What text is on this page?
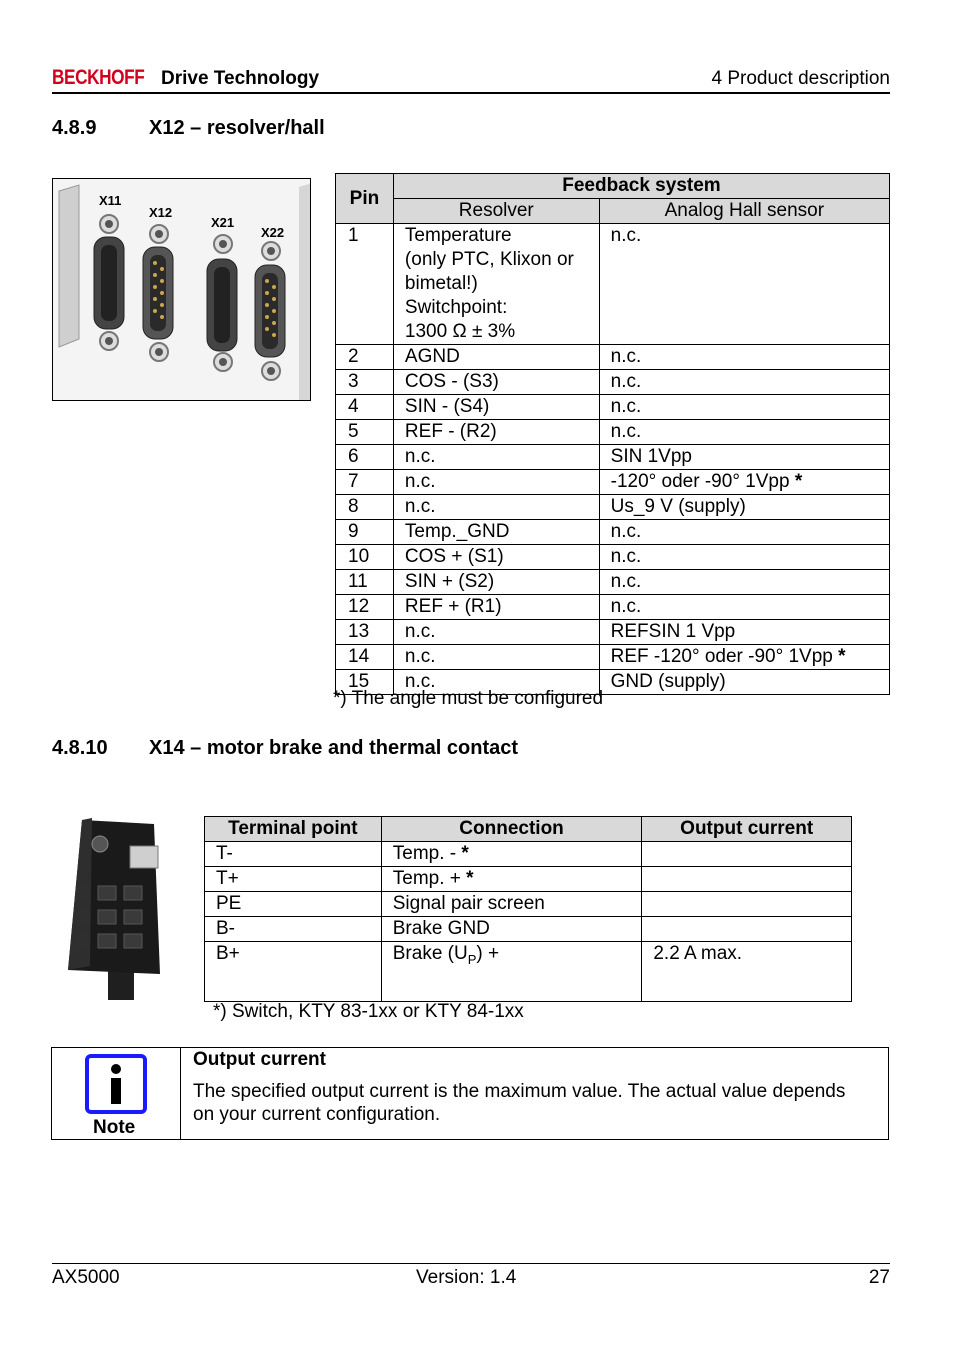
BECKHOFF Drive Technology	4 Product description
4.8.9	X12 – resolver/hall
X11
X12
X21
X22
Pin	Feedback system	
	Resolver	Analog Hall sensor
1	Temperature
(only PTC, Klixon or
bimetal!)
Switchpoint:
1300 Ω ± 3%	n.c.
2	AGND	n.c.
3	COS - (S3)	n.c.
4	SIN - (S4)	n.c.
5	REF - (R2)	n.c.
6	n.c.	SIN 1Vpp
7	n.c.	-120° oder -90° 1Vpp *
8	n.c.	Us_9 V (supply)
9	Temp._GND	n.c.
10	COS + (S1)	n.c.
11	SIN + (S2)	n.c.
12	REF + (R1)	n.c.
13	n.c.	REFSIN 1 Vpp
14	n.c.	REF -120° oder -90° 1Vpp *
15	n.c.	GND (supply)
*) The angle must be configured
4.8.10 X14 – motor brake and thermal contact
Terminal point	Connection	Output current
T-	Temp. - *	
T+	Temp. + *	
PE	Signal pair screen	
B-	Brake GND	
B+	Brake $(U_P)$ +	2.2 A max.
*) Switch, KTY 83-1xx or KTY 84-1xx
Note
Output current
The specified output current is the maximum value. The actual value depends on your current configuration.
AX5000	Version: 1.4	27
